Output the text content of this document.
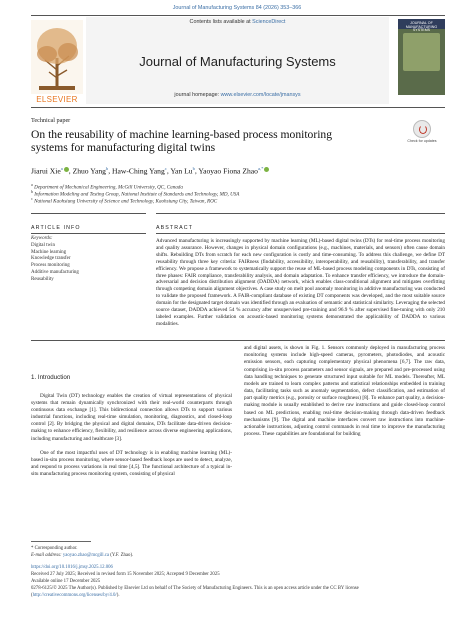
Journal of Manufacturing Systems 84 (2026) 353–366
ELSEVIER
Contents lists available at ScienceDirect
Journal of Manufacturing Systems
journal homepage: www.elsevier.com/locate/jmansys
JOURNAL OF MANUFACTURING SYSTEMS
Technical paper
On the reusability of machine learning-based process monitoring systems for manufacturing digital twins
Check for updates
Jiarui Xie$^a$ , Zhuo Yang$^b$, Haw-Ching Yang$^c$, Yan Lu$^b$, Yaoyao Fiona Zhao$^{a,*}$
$^a$ Department of Mechanical Engineering, McGill University, QC, Canada
$^b$ Information Modeling and Testing Group, National Institute of Standards and Technology, MD, USA
$^c$ National Kaohsiung University of Science and Technology, Kaohsiung City, Taiwan, ROC
ARTICLE INFO	ABSTRACT
Keywords:
Digital twin
Machine learning
Knowledge transfer
Process monitoring
Additive manufacturing
Reusability
Advanced manufacturing is increasingly supported by machine learning (ML)-based digital twins (DTs) for real-time process monitoring and quality assurance. However, changes in physical domain configurations (e.g., machines, materials, and sensors) often cause domain shifts. Rebuilding DTs from scratch for each new configuration is costly and time-consuming. To address this challenge, we define DT reusability through three key criteria: FAIRness (findability, accessibility, interoperability, and reusability), transferability, and transfer efficiency. We propose a framework to systematically support the reuse of ML-based process modeling components in DTs, consisting of three phases: FAIR compliance, transferability analysis, and domain adaptation. To enhance transfer efficiency, we introduce the domain-adversarial and decision distribution alignment (DADDA) network, which enables class-conditional alignment and mitigates overfitting through competing domain alignment objectives. A case study on melt pool anomaly monitoring in additive manufacturing was conducted to validate the proposed framework. A FAIR-compliant database of existing DT components was developed, and the most suitable source domain for the designated target domain was identified through an evaluation of semantic and statistical similarity. Leveraging the selected source dataset, DADDA achieved 54 % accuracy after unsupervised pre-training and 96.9 % after supervised fine-tuning with only 210 labeled examples. Further validation on acoustic-based monitoring systems demonstrated the applicability of DADDA to various modalities.
1. Introduction

Digital Twin (DT) technology enables the creation of virtual representations of physical systems that remain dynamically synchronized with their real-world counterparts through continuous data exchange [1]. This bidirectional connection allows DTs to support various industrial functions, including real-time simulation, monitoring, diagnostics, and closed-loop control [2]. By bridging the physical and digital domains, DTs facilitate data-driven decision-making to enhance efficiency, flexibility, and resilience across diverse engineering applications, including manufacturing and healthcare [3].

One of the most impactful uses of DT technology is in enabling machine learning (ML)-based in-situ process monitoring, where sensor-based feedback loops are used to detect, analyze, and respond to process variations in real time [4,5]. The functional architecture of a typical in-situ manufacturing process monitoring system, consisting of physical

and digital assets, is shown in Fig. 1. Sensors commonly deployed in manufacturing process monitoring systems include high-speed cameras, pyrometers, photodiodes, and acoustic emission sensors, each capturing complementary physical phenomena [6,7]. The raw data, comprising in-situ process parameters and sensor signals, are prepared and pre-processed using data handling techniques to generate structured input suitable for ML models. Thereafter, ML models are trained to learn complex patterns and statistical relationships embedded in training data, facilitating tasks such as anomaly segmentation, defect classification, and estimation of part quality metrics (e.g., porosity or surface roughness) [8]. To enhance part quality, a decision-making module is usually established to derive raw instructions and guide closed-loop control based on ML predictions, enabling real-time decision-making through data-driven feedback mechanisms [9]. The digital and machine interfaces convert raw instructions into machine-actionable instructions, adjusting control commands in real time to improve the manufacturing process. These capabilities are foundational for building

* Corresponding author.
E-mail address: yaoyao.zhao@mcgill.ca (Y.F. Zhao).
https://doi.org/10.1016/j.jmsy.2025.12.006
Received 27 July 2025; Received in revised form 15 November 2025; Accepted 9 December 2025
Available online 17 December 2025
0278-6125/© 2025 The Author(s). Published by Elsevier Ltd on behalf of The Society of Manufacturing Engineers. This is an open access article under the CC BY license (http://creativecommons.org/licenses/by/4.0/).
